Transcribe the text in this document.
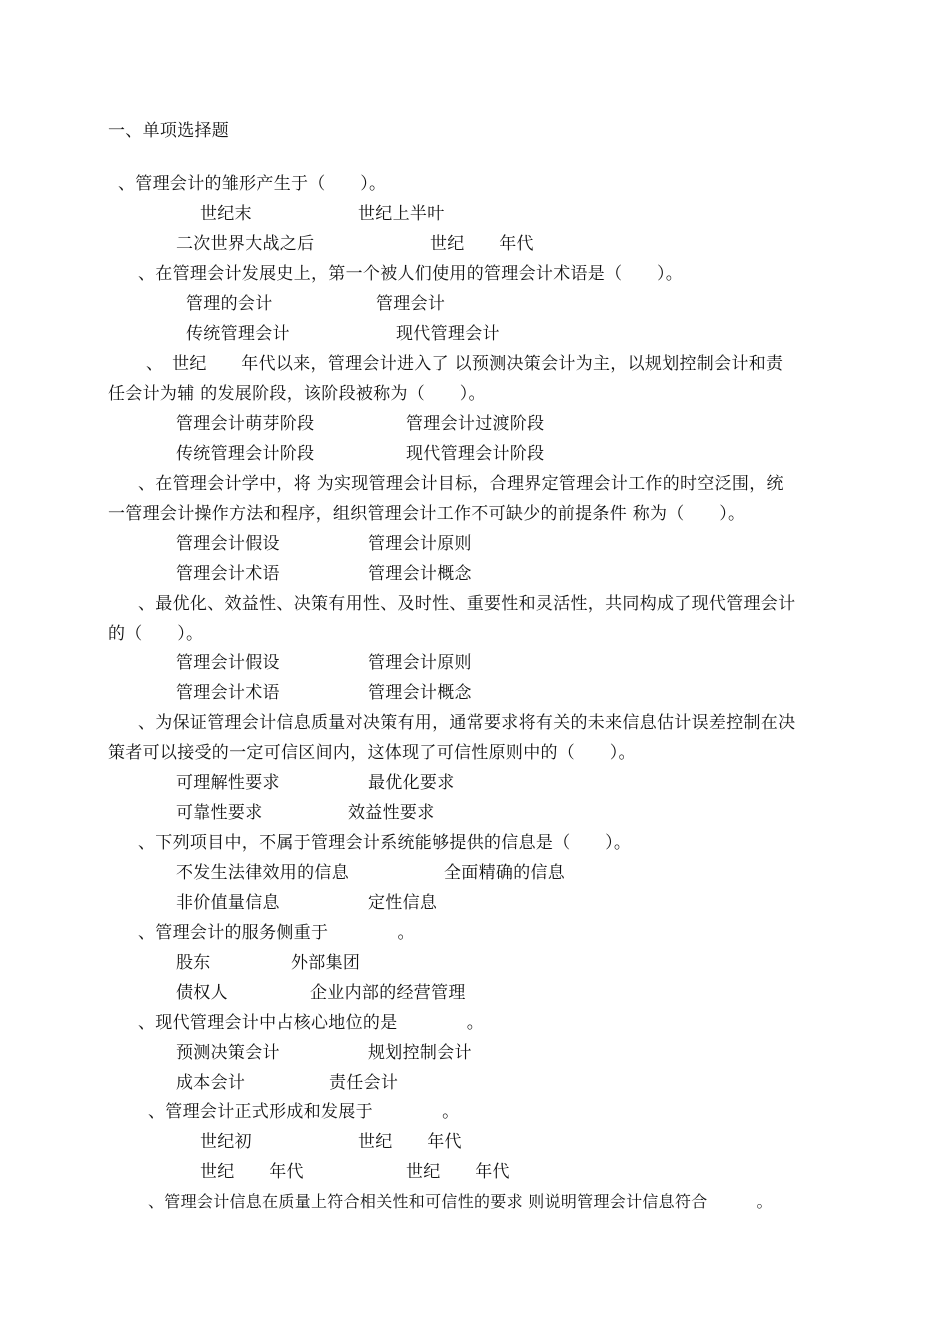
一、单项选择题
、管理会计的雏形产生于（　　）。
世纪末	世纪上半叶
二次世界大战之后	世纪　　年代
、在管理会计发展史上，第一个被人们使用的管理会计术语是（　　）。
管理的会计	管理会计
传统管理会计	现代管理会计
、　世纪　　年代以来，管理会计进入了 以预测决策会计为主，以规划控制会计和责
任会计为辅 的发展阶段，该阶段被称为（　　）。
管理会计萌芽阶段	管理会计过渡阶段
传统管理会计阶段	现代管理会计阶段
、在管理会计学中，将 为实现管理会计目标，合理界定管理会计工作的时空泛围，统
一管理会计操作方法和程序，组织管理会计工作不可缺少的前提条件 称为（　　）。
管理会计假设	管理会计原则
管理会计术语	管理会计概念
、最优化、效益性、决策有用性、及时性、重要性和灵活性，共同构成了现代管理会计
的（　　）。
管理会计假设	管理会计原则
管理会计术语	管理会计概念
、为保证管理会计信息质量对决策有用，通常要求将有关的未来信息估计误差控制在决
策者可以接受的一定可信区间内，这体现了可信性原则中的（　　）。
可理解性要求	最优化要求
可靠性要求	效益性要求
、下列项目中，不属于管理会计系统能够提供的信息是（　　）。
不发生法律效用的信息	全面精确的信息
非价值量信息	定性信息
、管理会计的服务侧重于　　　　。
股东	外部集团
债权人	企业内部的经营管理
、现代管理会计中占核心地位的是　　　　。
预测决策会计	规划控制会计
成本会计	责任会计
、管理会计正式形成和发展于　　　　。
世纪初	世纪　　年代
世纪　　年代	世纪　　年代
、管理会计信息在质量上符合相关性和可信性的要求 则说明管理会计信息符合　　　。
